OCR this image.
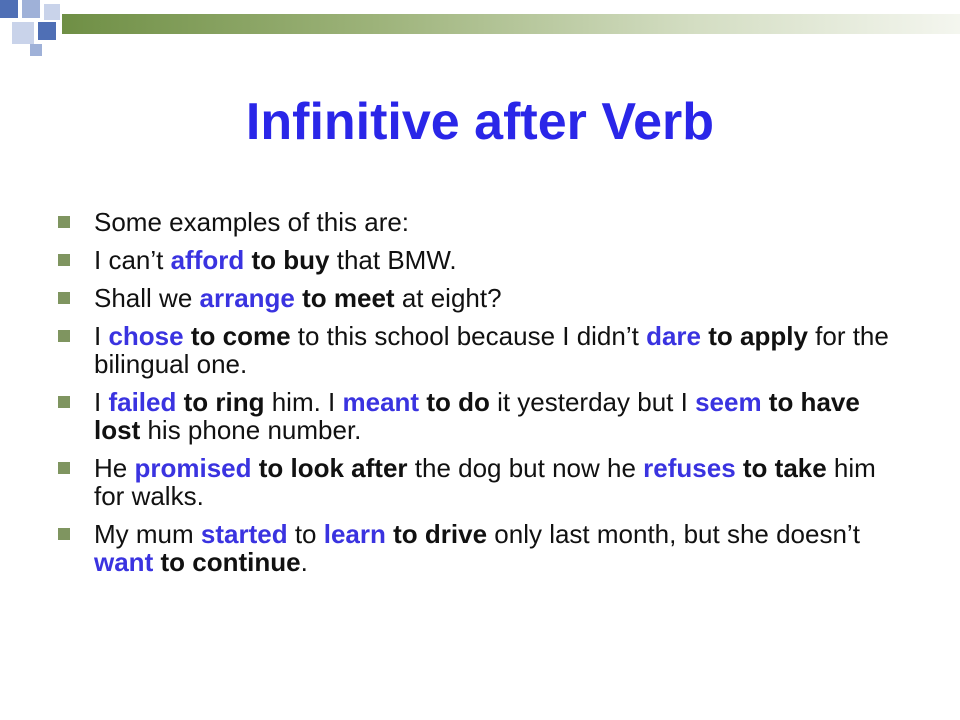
Infinitive after Verb
Some examples of this are:
I can’t afford to buy that BMW.
Shall we arrange to meet at eight?
I chose to come to this school because I didn’t dare to apply for the bilingual one.
I failed to ring him. I meant to do it yesterday but I seem to have lost his phone number.
He promised to look after the dog but now he refuses to take him for walks.
My mum started to learn to drive only last month, but she doesn’t want to continue.
